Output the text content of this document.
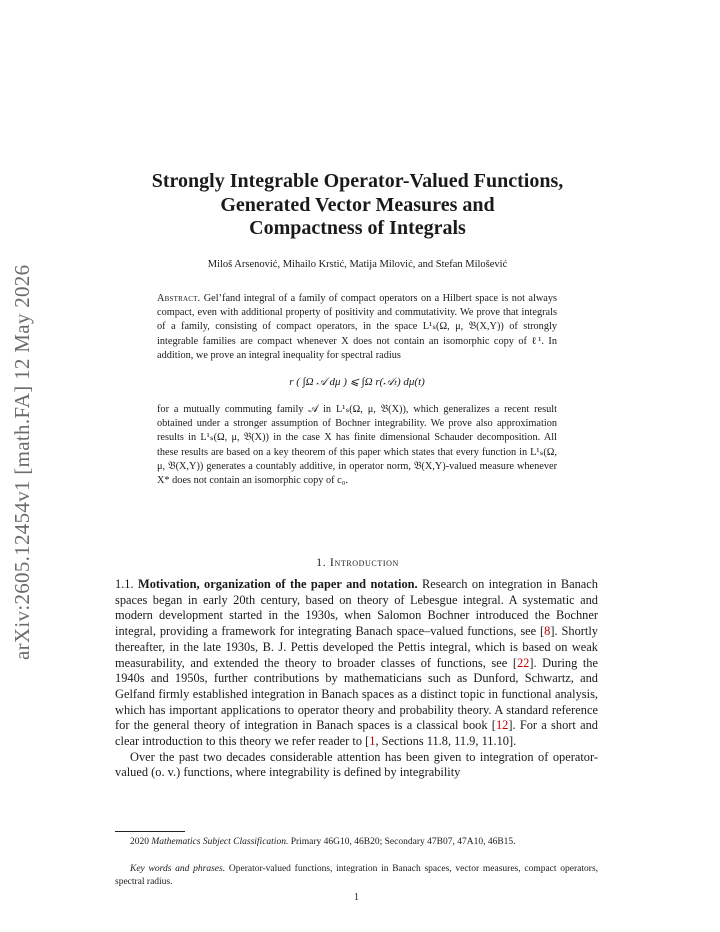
arXiv:2605.12454v1 [math.FA] 12 May 2026
Strongly Integrable Operator-Valued Functions,
Generated Vector Measures and
Compactness of Integrals
Miloš Arsenović, Mihailo Krstić, Matija Milović, and Stefan Milošević

Abstract. Gel’fand integral of a family of compact operators on a Hilbert space is not always compact, even with additional property of positivity and commutativity. We prove that integrals of a family, consisting of compact operators, in the space L¹ₛ(Ω, μ, 𝔅(X,Y)) of strongly integrable families are compact whenever X does not contain an isomorphic copy of ℓ¹. In addition, we prove an integral inequality for spectral radius

r ( ∫Ω 𝒜 dμ ) ⩽ ∫Ω r(𝒜ₜ) dμ(t)

for a mutually commuting family 𝒜 in L¹ₛ(Ω, μ, 𝔅(X)), which generalizes a recent result obtained under a stronger assumption of Bochner integrability. We prove also approximation results in L¹ₛ(Ω, μ, 𝔅(X)) in the case X has finite dimensional Schauder decomposition. All these results are based on a key theorem of this paper which states that every function in L¹ₛ(Ω, μ, 𝔅(X,Y)) generates a countably additive, in operator norm, 𝔅(X,Y)-valued measure whenever X* does not contain an isomorphic copy of c₀.

1. Introduction

1.1. Motivation, organization of the paper and notation. Research on integration in Banach spaces began in early 20th century, based on theory of Lebesgue integral. A systematic and modern development started in the 1930s, when Salomon Bochner introduced the Bochner integral, providing a framework for integrating Banach space–valued functions, see [8]. Shortly thereafter, in the late 1930s, B. J. Pettis developed the Pettis integral, which is based on weak measurability, and extended the theory to broader classes of functions, see [22]. During the 1940s and 1950s, further contributions by mathematicians such as Dunford, Schwartz, and Gelfand firmly established integration in Banach spaces as a distinct topic in functional analysis, which has important applications to operator theory and probability theory. A standard reference for the general theory of integration in Banach spaces is a classical book [12]. For a short and clear introduction to this theory we refer reader to [1, Sections 11.8, 11.9, 11.10].

Over the past two decades considerable attention has been given to integration of operator-valued (o. v.) functions, where integrability is defined by integrability

2020 Mathematics Subject Classification. Primary 46G10, 46B20; Secondary 47B07, 47A10, 46B15.
Key words and phrases. Operator-valued functions, integration in Banach spaces, vector measures, compact operators, spectral radius.
1
